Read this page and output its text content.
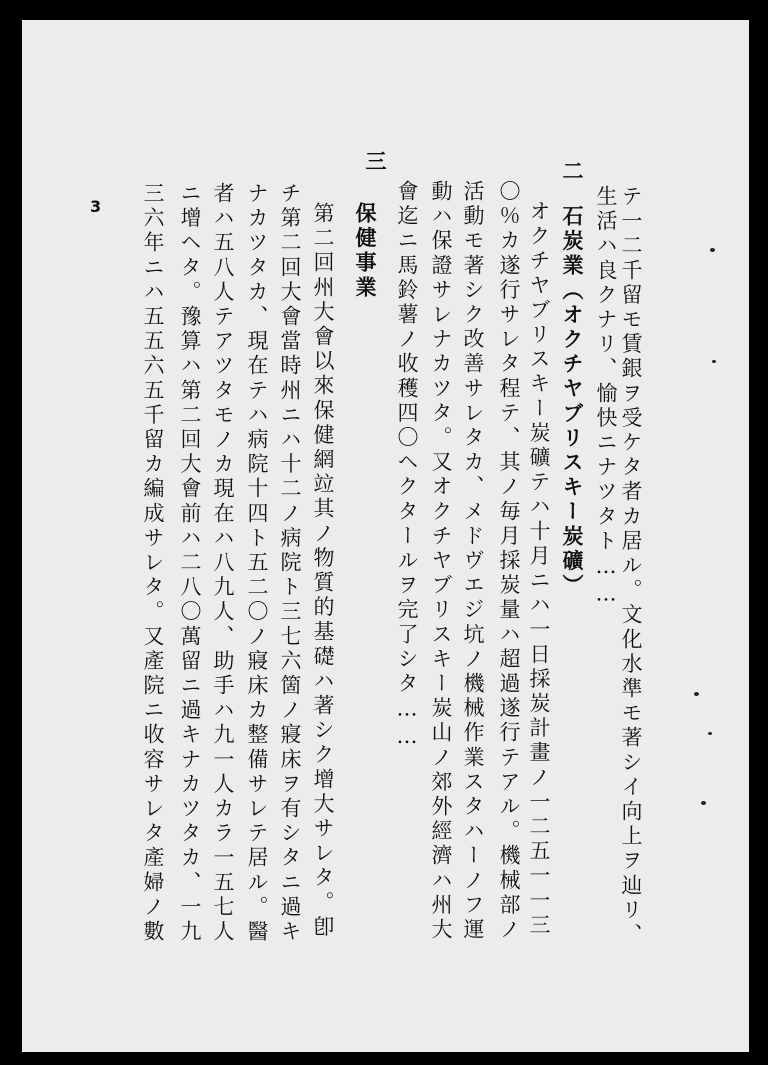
テ一二千留モ賃銀ヲ受ケタ者カ居ル。文化水準モ著シイ向上ヲ辿リ、
生活ハ良クナリ、愉快ニナツタト……
二
石炭業（オクチヤブリスキー炭礦）
オクチヤブリスキー炭礦テハ十月ニハ一日採炭計畫ノ一二五一一三
〇％カ遂行サレタ程テ、其ノ毎月採炭量ハ超過遂行テアル。機械部ノ
活動モ著シク改善サレタカ、メドヴエジ坑ノ機械作業スタハーノフ運
動ハ保證サレナカツタ。又オクチヤブリスキー炭山ノ郊外經濟ハ州大
會迄ニ馬鈴薯ノ收穫四〇ヘクタールヲ完了シタ……
三
保健事業
第二回州大會以來保健網竝其ノ物質的基礎ハ著シク增大サレタ。卽
チ第二回大會當時州ニハ十二ノ病院ト三七六箇ノ寢床ヲ有シタニ過キ
ナカツタカ、現在テハ病院十四ト五二〇ノ寢床カ整備サレテ居ル。醫
者ハ五八人テアツタモノカ現在ハ八九人、助手ハ九一人カラ一五七人
ニ增ヘタ。豫算ハ第二回大會前ハ二八〇萬留ニ過キナカツタカ、一九
三六年ニハ五五六五千留カ編成サレタ。又產院ニ收容サレタ產婦ノ數
3
